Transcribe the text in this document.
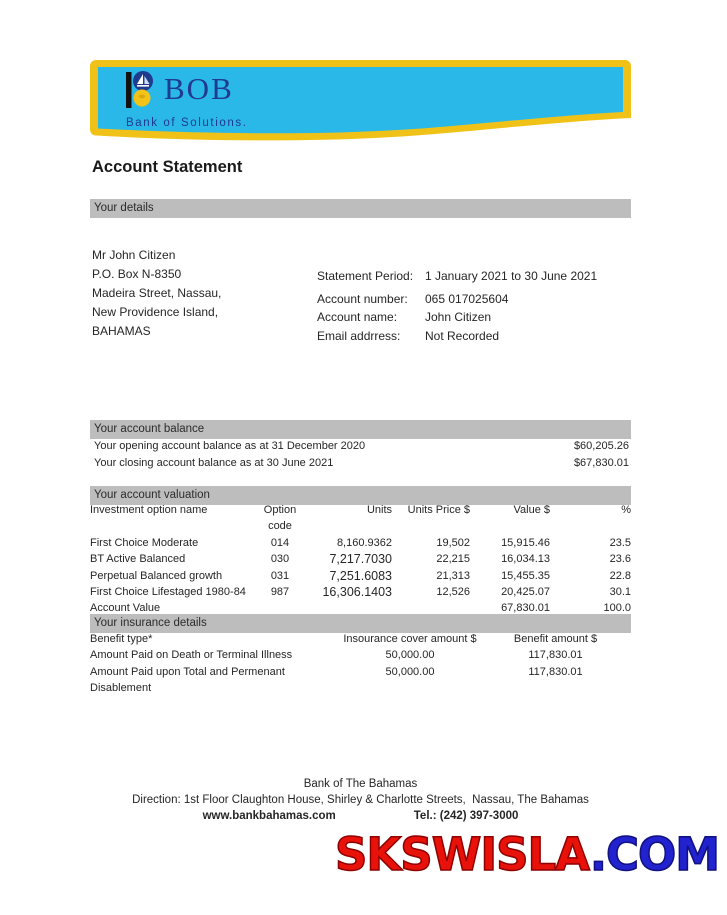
BOB
Bank of Solutions.
Account Statement
Your details
Mr John Citizen
P.O. Box N-8350
Madeira Street, Nassau,
New Providence Island,
BAHAMAS
Statement Period: 1 January 2021 to 30 June 2021
Account number:	065 017025604
Account name:	John Citizen
Email addrress:	Not Recorded
Your account balance
Your opening account balance as at 31 December 2020	$60,205.26
Your closing account balance as at 30 June 2021	$67,830.01
Your account valuation
Investment option name	Option code	Units	Units Price $	Value $	%
First Choice Moderate	014	8,160.9362	19,502	15,915.46	23.5
BT Active Balanced	030	7,217.7030	22,215	16,034.13	23.6
Perpetual Balanced growth	031	7,251.6083	21,313	15,455.35	22.8
First Choice Lifestaged 1980-84	987	16,306.1403	12,526	20,425.07	30.1
Account Value				67,830.01	100.0
Your insurance details
Benefit type*	Insourance cover amount $	Benefit amount $
Amount Paid on Death or Terminal Illness	50,000.00	117,830.01
Amount Paid upon Total and Permenant Disablement	50,000.00	117,830.01
Bank of The Bahamas
Direction: 1st Floor Claughton House, Shirley & Charlotte Streets,  Nassau, The Bahamas
www.bankbahamas.com	Tel.: (242) 397-3000
SKSWISLA.COM
